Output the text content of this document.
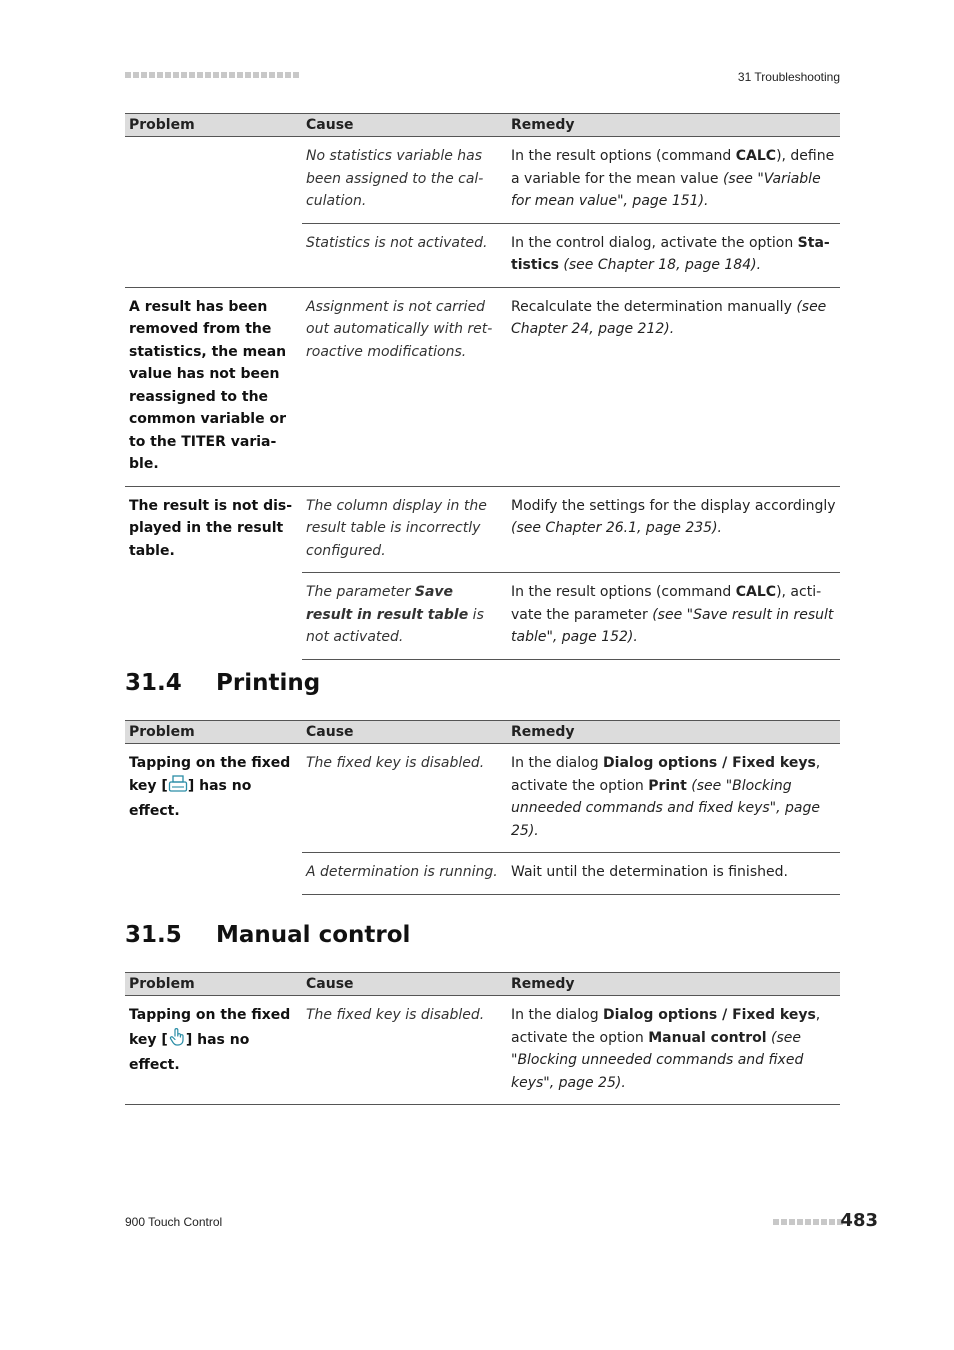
31 Troubleshooting
Problem	Cause	Remedy
	No statistics variable has been assigned to the cal-culation.	In the result options (command CALC), define a variable for the mean value (see "Variable for mean value", page 151).
	Statistics is not activated.	In the control dialog, activate the option Sta-tistics (see Chapter 18, page 184).
A result has been removed from the statistics, the mean value has not been reassigned to the common variable or to the TITER varia-ble.	Assignment is not carried out automatically with ret-roactive modifications.	Recalculate the determination manually (see Chapter 24, page 212).
The result is not dis-played in the result table.	The column display in the result table is incorrectly configured.	Modify the settings for the display accordingly (see Chapter 26.1, page 235).
	The parameter Save result in result table is not activated.	In the result options (command CALC), acti-vate the parameter (see "Save result in result table", page 152).
31.4 Printing
Problem	Cause	Remedy
Tapping on the fixed key [ ] has no effect.	The fixed key is disabled.	In the dialog Dialog options / Fixed keys, activate the option Print (see "Blocking unneeded commands and fixed keys", page 25).
	A determination is running.	Wait until the determination is finished.
31.5 Manual control
Problem	Cause	Remedy
Tapping on the fixed key [ ] has no effect.	The fixed key is disabled.	In the dialog Dialog options / Fixed keys, activate the option Manual control (see "Blocking unneeded commands and fixed keys", page 25).
900 Touch Control	483
